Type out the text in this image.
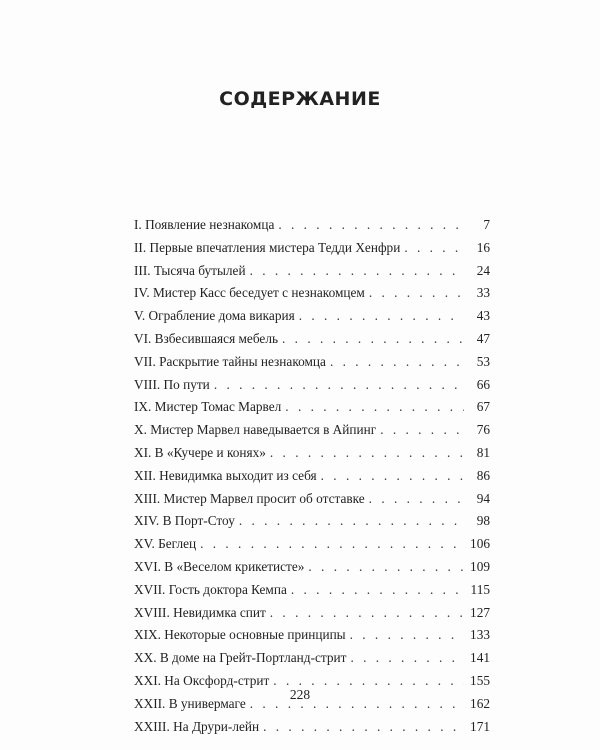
СОДЕРЖАНИЕ
I. Появление незнакомца . . .	7
II. Первые впечатления мистера Тедди Хенфри . . .	16
III. Тысяча бутылей . . .	24
IV. Мистер Касс беседует с незнакомцем . . .	33
V. Ограбление дома викария . . .	43
VI. Взбесившаяся мебель . . .	47
VII. Раскрытие тайны незнакомца . . .	53
VIII. По пути . . .	66
IX. Мистер Томас Марвел . . .	67
X. Мистер Марвел наведывается в Айпинг . . .	76
XI. В «Кучере и конях» . . .	81
XII. Невидимка выходит из себя . . .	86
XIII. Мистер Марвел просит об отставке . . .	94
XIV. В Порт-Стоу . . .	98
XV. Беглец . . .	106
XVI. В «Веселом крикетисте» . . .	109
XVII. Гость доктора Кемпа . . .	115
XVIII. Невидимка спит . . .	127
XIX. Некоторые основные принципы . . .	133
XX. В доме на Грейт-Портланд-стрит . . .	141
XXI. На Оксфорд-стрит . . .	155
XXII. В универмаге . . .	162
XXIII. На Друри-лейн . . .	171
228
